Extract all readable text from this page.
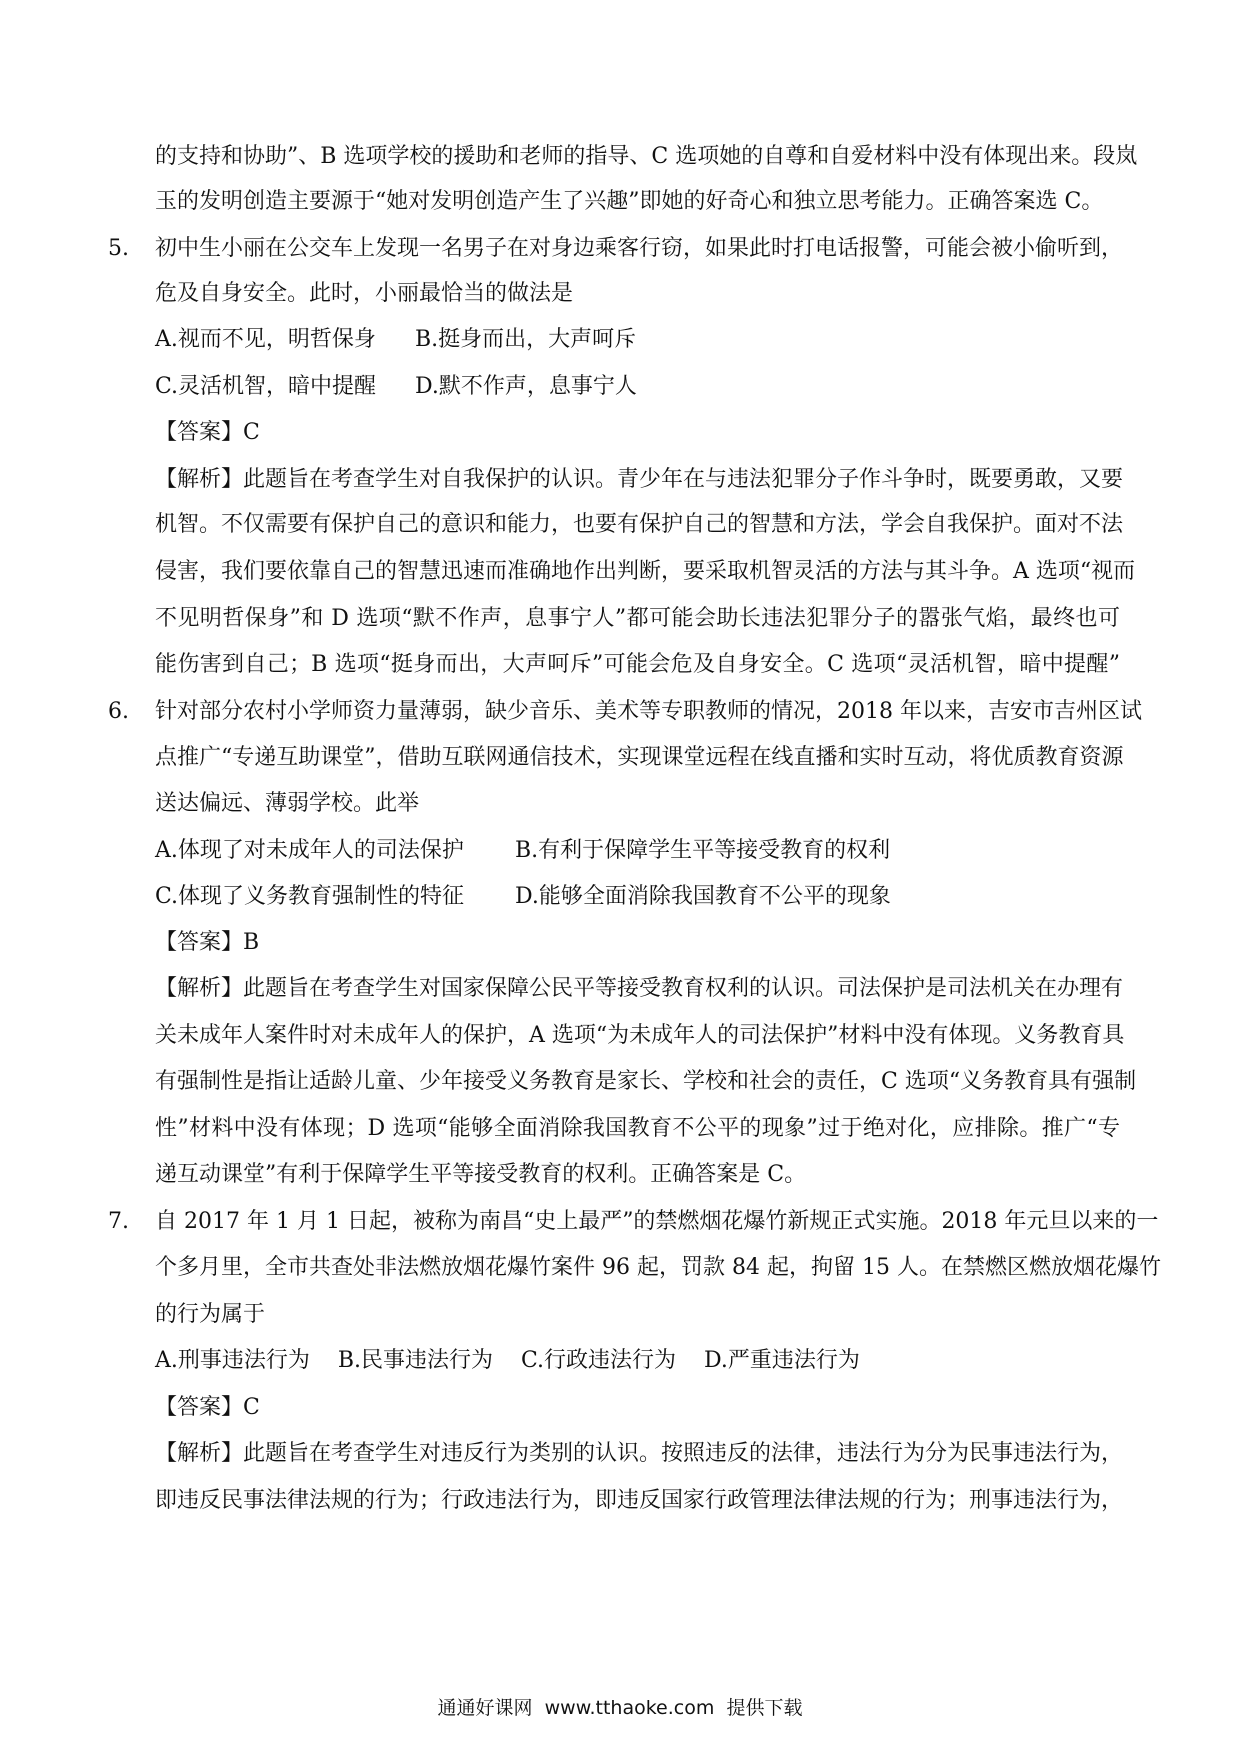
的支持和协助”、B 选项学校的援助和老师的指导、C 选项她的自尊和自爱材料中没有体现出来。段岚
玉的发明创造主要源于“她对发明创造产生了兴趣”即她的好奇心和独立思考能力。正确答案选 C。
5. 初中生小丽在公交车上发现一名男子在对身边乘客行窃，如果此时打电话报警，可能会被小偷听到，
危及自身安全。此时，小丽最恰当的做法是
A.视而不见，明哲保身 B.挺身而出，大声呵斥
C.灵活机智，暗中提醒 D.默不作声，息事宁人
【答案】C
【解析】此题旨在考查学生对自我保护的认识。青少年在与违法犯罪分子作斗争时，既要勇敢，又要
机智。不仅需要有保护自己的意识和能力，也要有保护自己的智慧和方法，学会自我保护。面对不法
侵害，我们要依靠自己的智慧迅速而准确地作出判断，要采取机智灵活的方法与其斗争。A 选项“视而
不见明哲保身”和 D 选项“默不作声，息事宁人”都可能会助长违法犯罪分子的嚣张气焰，最终也可
能伤害到自己；B 选项“挺身而出，大声呵斥”可能会危及自身安全。C 选项“灵活机智，暗中提醒”
6. 针对部分农村小学师资力量薄弱，缺少音乐、美术等专职教师的情况，2018 年以来，吉安市吉州区试
点推广“专递互助课堂”，借助互联网通信技术，实现课堂远程在线直播和实时互动，将优质教育资源
送达偏远、薄弱学校。此举
A.体现了对未成年人的司法保护 B.有利于保障学生平等接受教育的权利
C.体现了义务教育强制性的特征 D.能够全面消除我国教育不公平的现象
【答案】B
【解析】此题旨在考查学生对国家保障公民平等接受教育权利的认识。司法保护是司法机关在办理有
关未成年人案件时对未成年人的保护，A 选项“为未成年人的司法保护”材料中没有体现。义务教育具
有强制性是指让适龄儿童、少年接受义务教育是家长、学校和社会的责任，C 选项“义务教育具有强制
性”材料中没有体现；D 选项“能够全面消除我国教育不公平的现象”过于绝对化，应排除。推广“专
递互动课堂”有利于保障学生平等接受教育的权利。正确答案是 C。
7. 自 2017 年 1 月 1 日起，被称为南昌“史上最严”的禁燃烟花爆竹新规正式实施。2018 年元旦以来的一
个多月里，全市共查处非法燃放烟花爆竹案件 96 起，罚款 84 起，拘留 15 人。在禁燃区燃放烟花爆竹
的行为属于
A.刑事违法行为    B.民事违法行为    C.行政违法行为    D.严重违法行为
【答案】C
【解析】此题旨在考查学生对违反行为类别的认识。按照违反的法律，违法行为分为民事违法行为，
即违反民事法律法规的行为；行政违法行为，即违反国家行政管理法律法规的行为；刑事违法行为，
通通好课网  www.tthaoke.com  提供下载
